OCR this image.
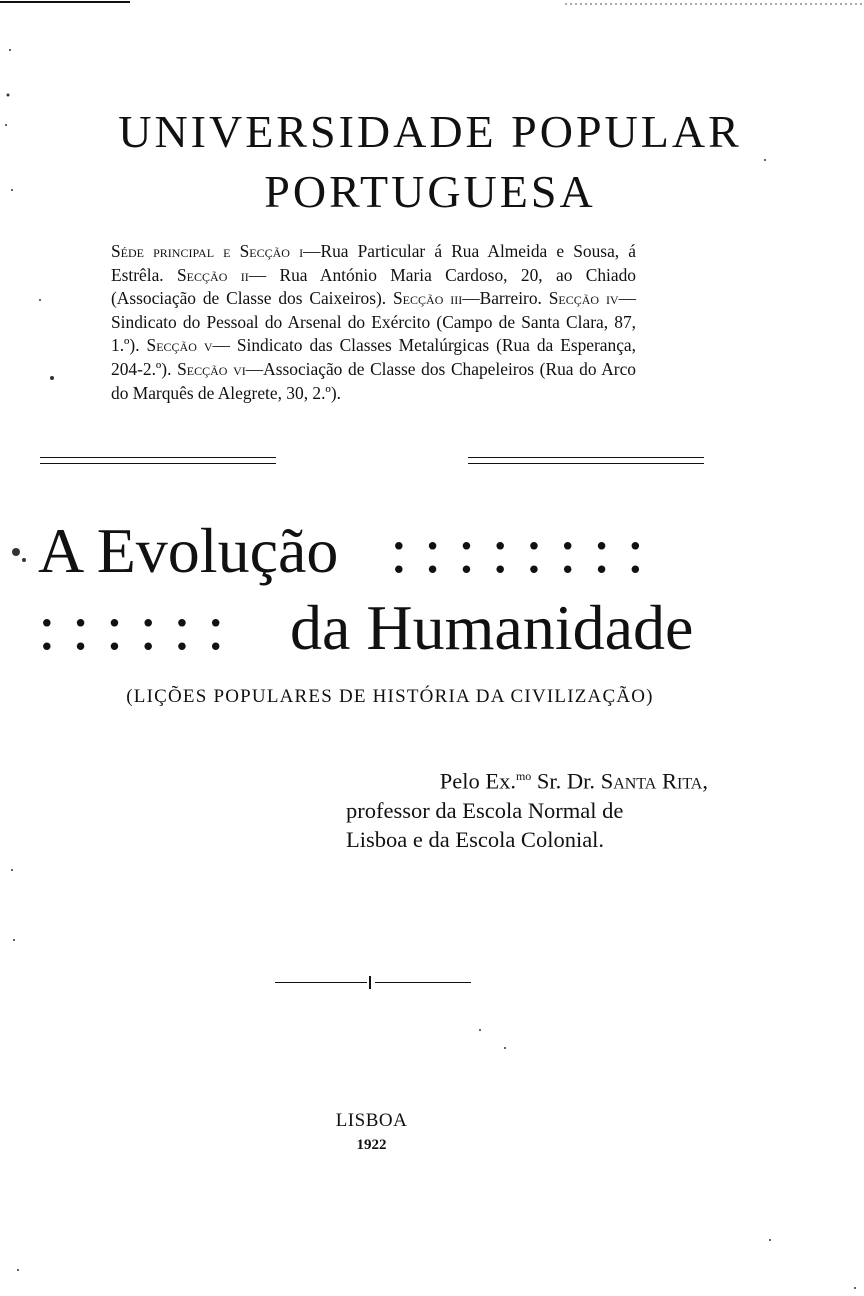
UNIVERSIDADE POPULAR
PORTUGUESA

Séde principal e Secção i—Rua Particular á Rua Almeida e Sousa, á Estrêla. Secção ii— Rua António Maria Cardoso, 20, ao Chiado (Associação de Classe dos Caixeiros). Secção iii—Barreiro. Secção iv—Sindicato do Pessoal do Arsenal do Exército (Campo de Santa Clara, 87, 1.º). Secção v— Sindicato das Classes Metalúrgicas (Rua da Esperança, 204-2.º). Secção vi—Associação de Classe dos Chapeleiros (Rua do Arco do Marquês de Alegrete, 30, 2.º).

A Evolução : : : : : : : :
: : : : : : da Humanidade

(LIÇÕES POPULARES DE HISTÓRIA DA CIVILIZAÇÃO)

Pelo Ex.$^{mo}$ Sr. Dr. Santa Rita,
professor da Escola Normal de
Lisboa e da Escola Colonial.

LISBOA

1922
